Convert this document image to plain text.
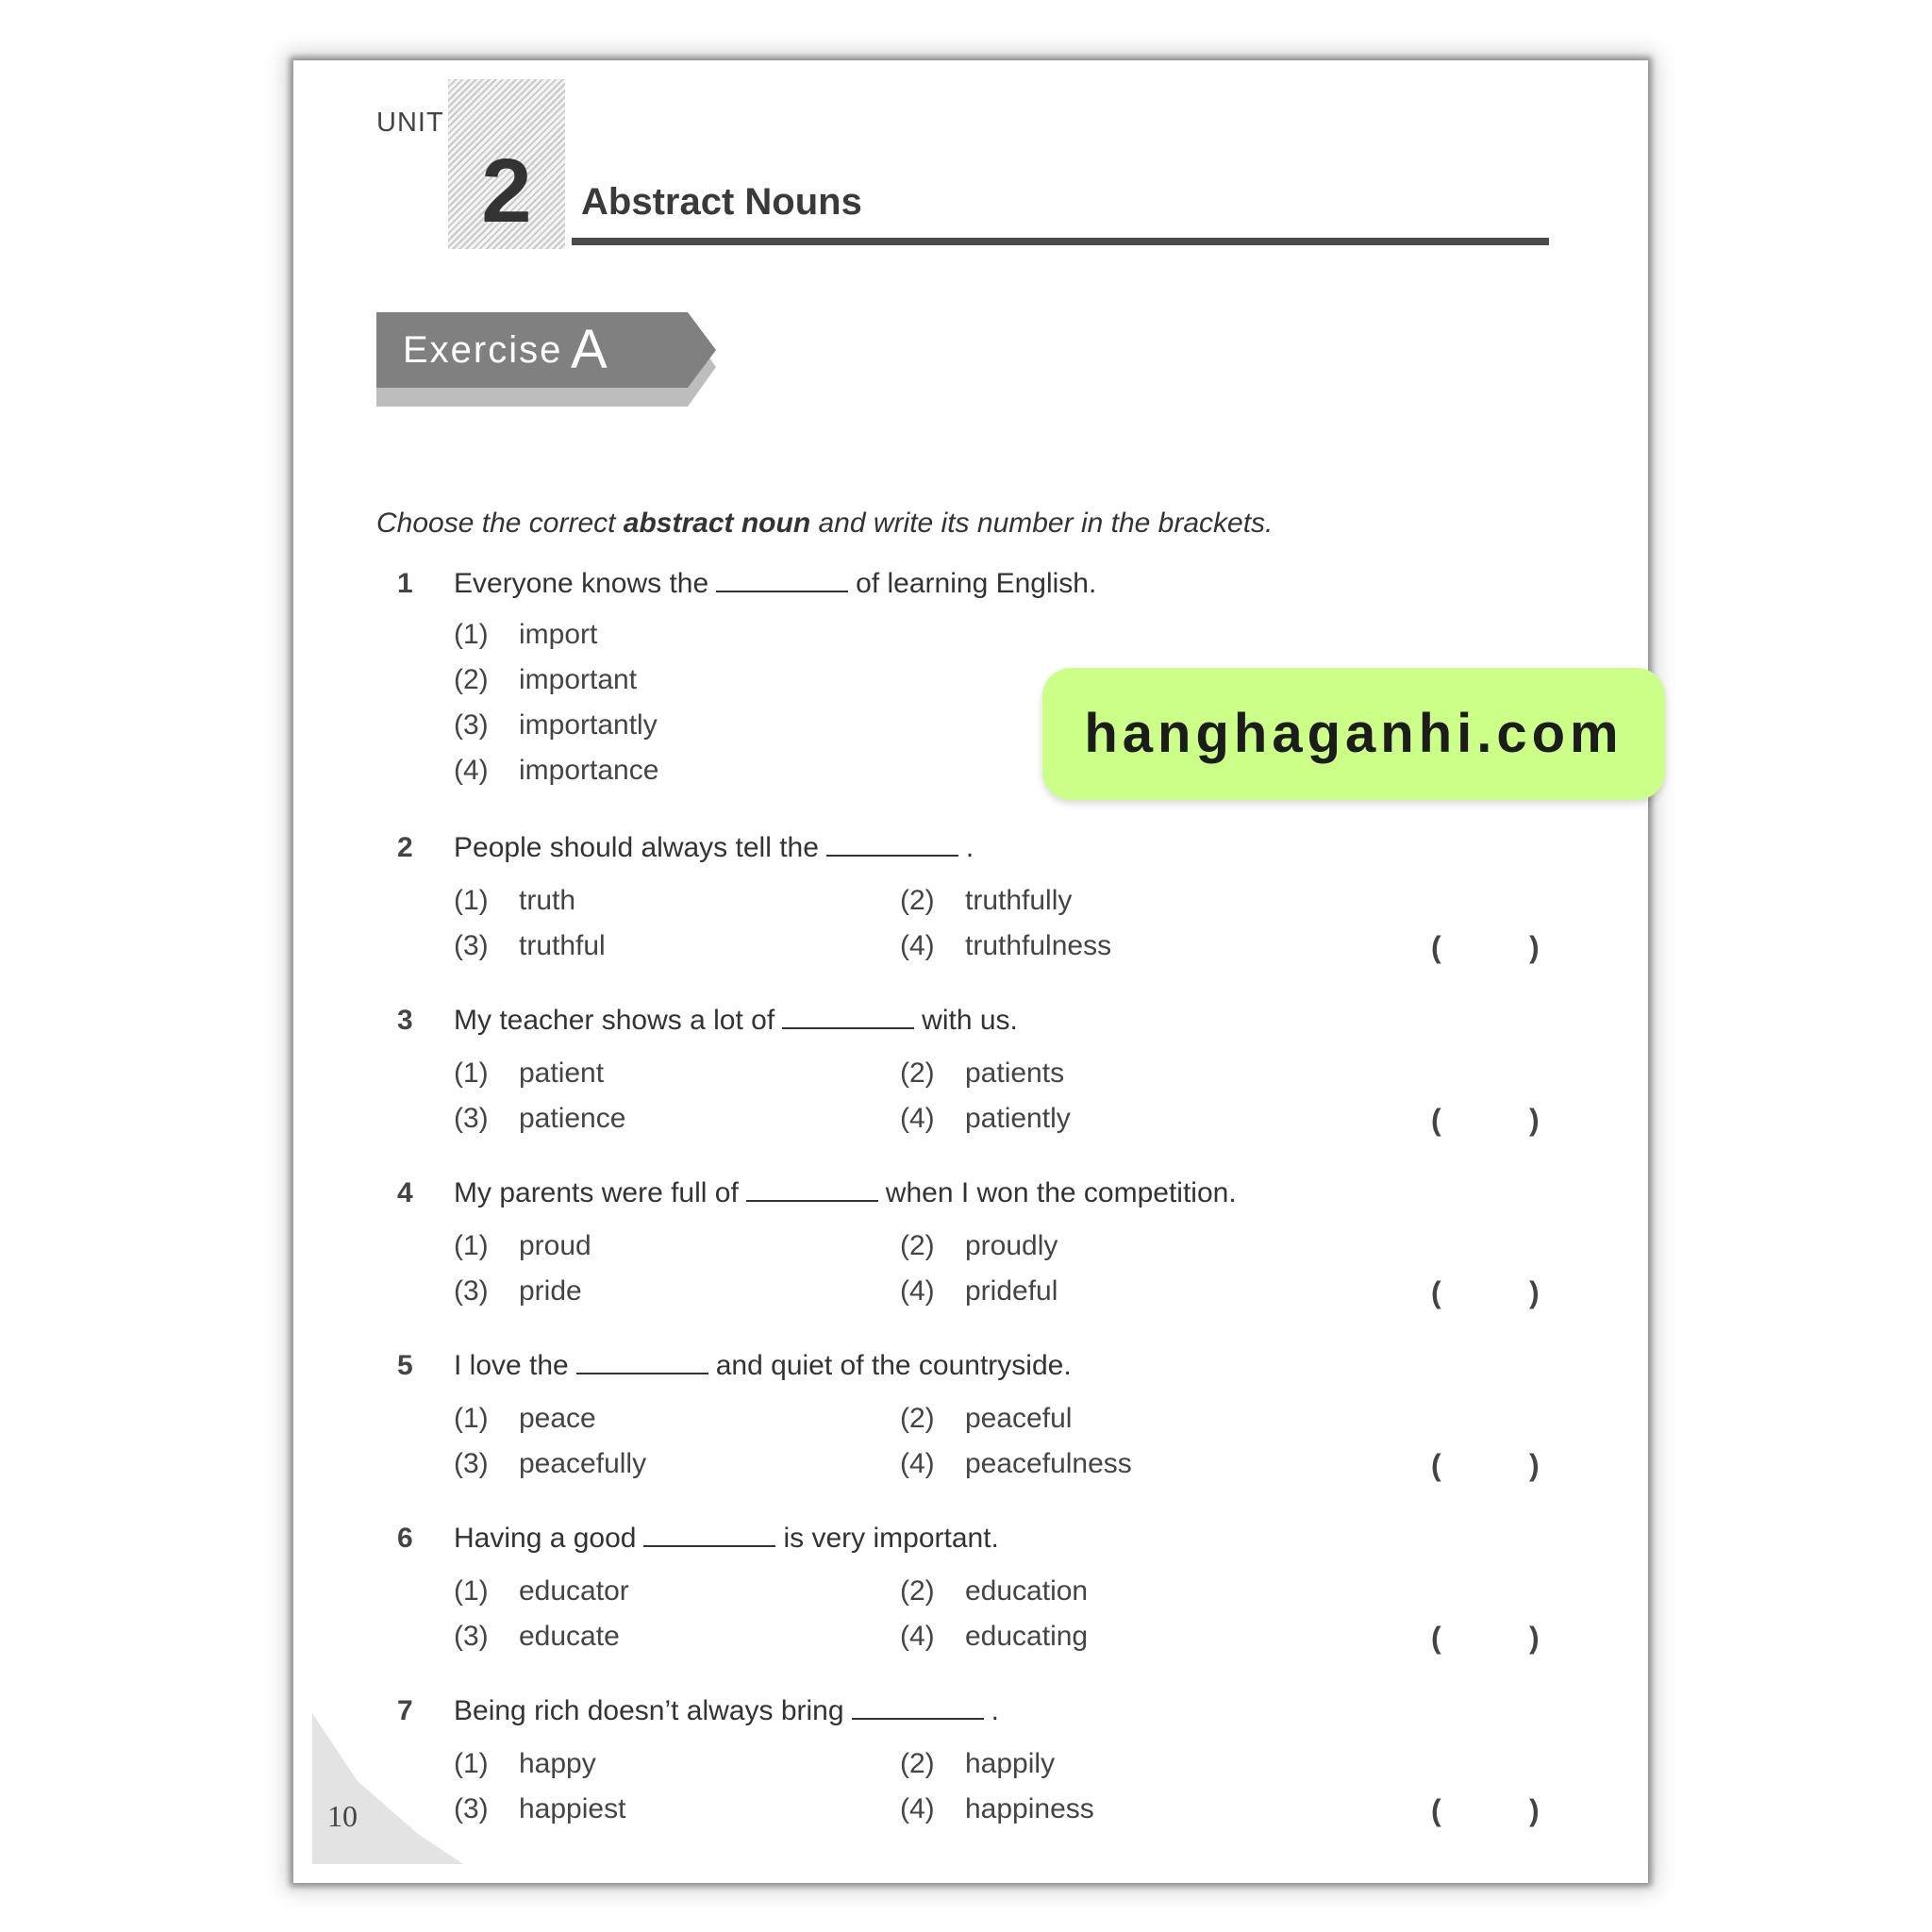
UNIT
2	Abstract Nouns
Exercise A
Choose the correct abstract noun and write its number in the brackets.
1 Everyone knows the	of learning English.
(1) import
(2) important
(3) importantly
(4) importance
2 People should always tell the	.
(1) truth	(2) truthfully
(3) truthful	(4) truthfulness	(	)
3 My teacher shows a lot of	with us.
(1) patient	(2) patients
(3) patience	(4) patiently	(	)
4 My parents were full of	when I won the competition.
(1) proud	(2) proudly
(3) pride	(4) prideful	(	)
5 I love the	and quiet of the countryside.
(1) peace	(2) peaceful
(3) peacefully	(4) peacefulness	(	)
6 Having a good	is very important.
(1) educator	(2) education
(3) educate	(4) educating	(	)
7 Being rich doesn’t always bring	.
(1) happy	(2) happily
(3) happiest	(4) happiness	(	)
hanghaganhi.com
10
